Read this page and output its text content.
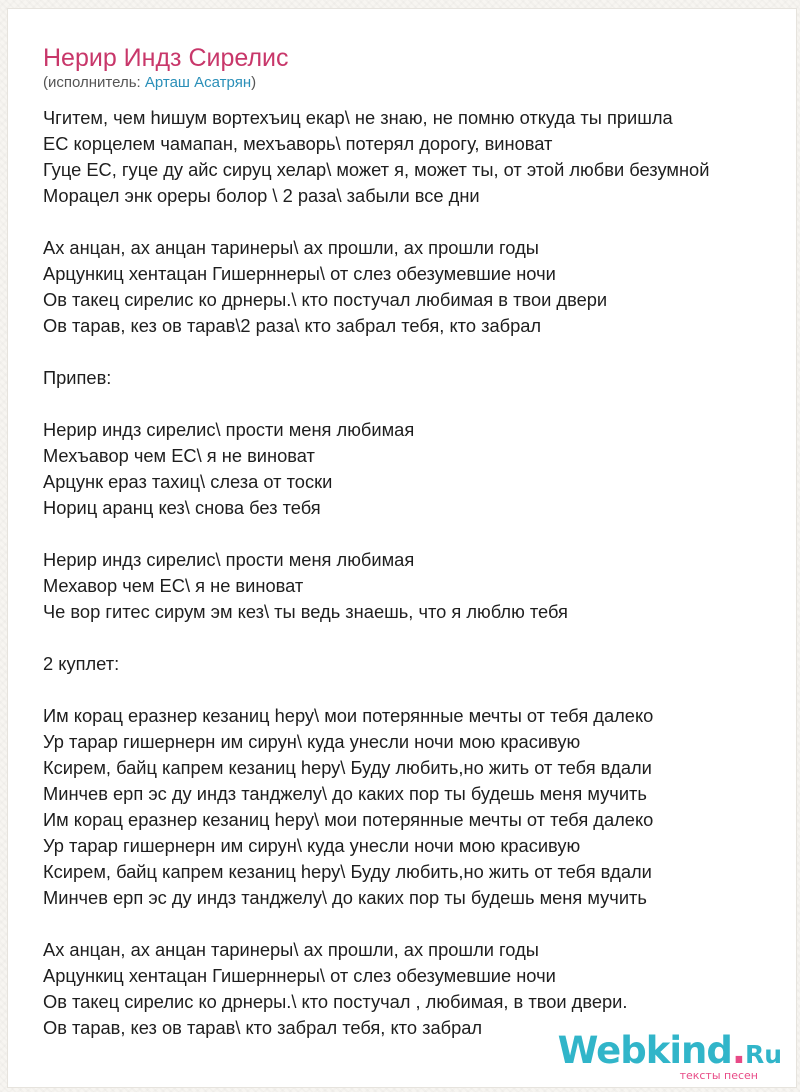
Нерир Индз Сирелис
(исполнитель: Арташ Асатрян)
Чгитем, чем hишум вортехъиц екар\ не знаю, не помню откуда ты пришла
ЕС корцелем чамапан, мехъаворь\ потерял дорогу, виноват
Гуце ЕС, гуце ду айс сируц хелар\ может я, может ты, от этой любви безумной
Морацел энк ореры болор \ 2 раза\ забыли все дни
Ах анцан, ах анцан таринеры\ ах прошли, ах прошли годы
Арцункиц хентацан Гишерннеры\ от слез обезумевшие ночи
Ов такец сирелис ко дрнеры.\ кто постучал любимая в твои двери
Ов тарав, кез ов тарав\2 раза\ кто забрал тебя, кто забрал
Припев:
Нерир индз сирелис\ прости меня любимая
Мехъавор чем ЕС\ я не виноват
Арцунк ераз тахиц\ слеза от тоски
Нориц аранц кез\ снова без тебя
Нерир индз сирелис\ прости меня любимая
Мехавор чем ЕС\ я не виноват
Че вор гитес сирум эм кез\ ты ведь знаешь, что я люблю тебя
2 куплет:
Им корац еразнер кезаниц hеру\ мои потерянные мечты от тебя далеко
Ур тарар гишернерн им сирун\ куда унесли ночи мою красивую
Ксирем, байц капрем кезаниц hеру\ Буду любить,но жить от тебя вдали
Минчев ерп эс ду индз танджелу\ до каких пор ты будешь меня мучить
Им корац еразнер кезаниц hеру\ мои потерянные мечты от тебя далеко
Ур тарар гишернерн им сирун\ куда унесли ночи мою красивую
Ксирем, байц капрем кезаниц hеру\ Буду любить,но жить от тебя вдали
Минчев ерп эс ду индз танджелу\ до каких пор ты будешь меня мучить
Ах анцан, ах анцан таринеры\ ах прошли, ах прошли годы
Арцункиц хентацан Гишерннеры\ от слез обезумевшие ночи
Ов такец сирелис ко дрнеры.\ кто постучал , любимая, в твои двери.
Ов тарав, кез ов тарав\ кто забрал тебя, кто забрал
Webkind.Ru
тексты песен
